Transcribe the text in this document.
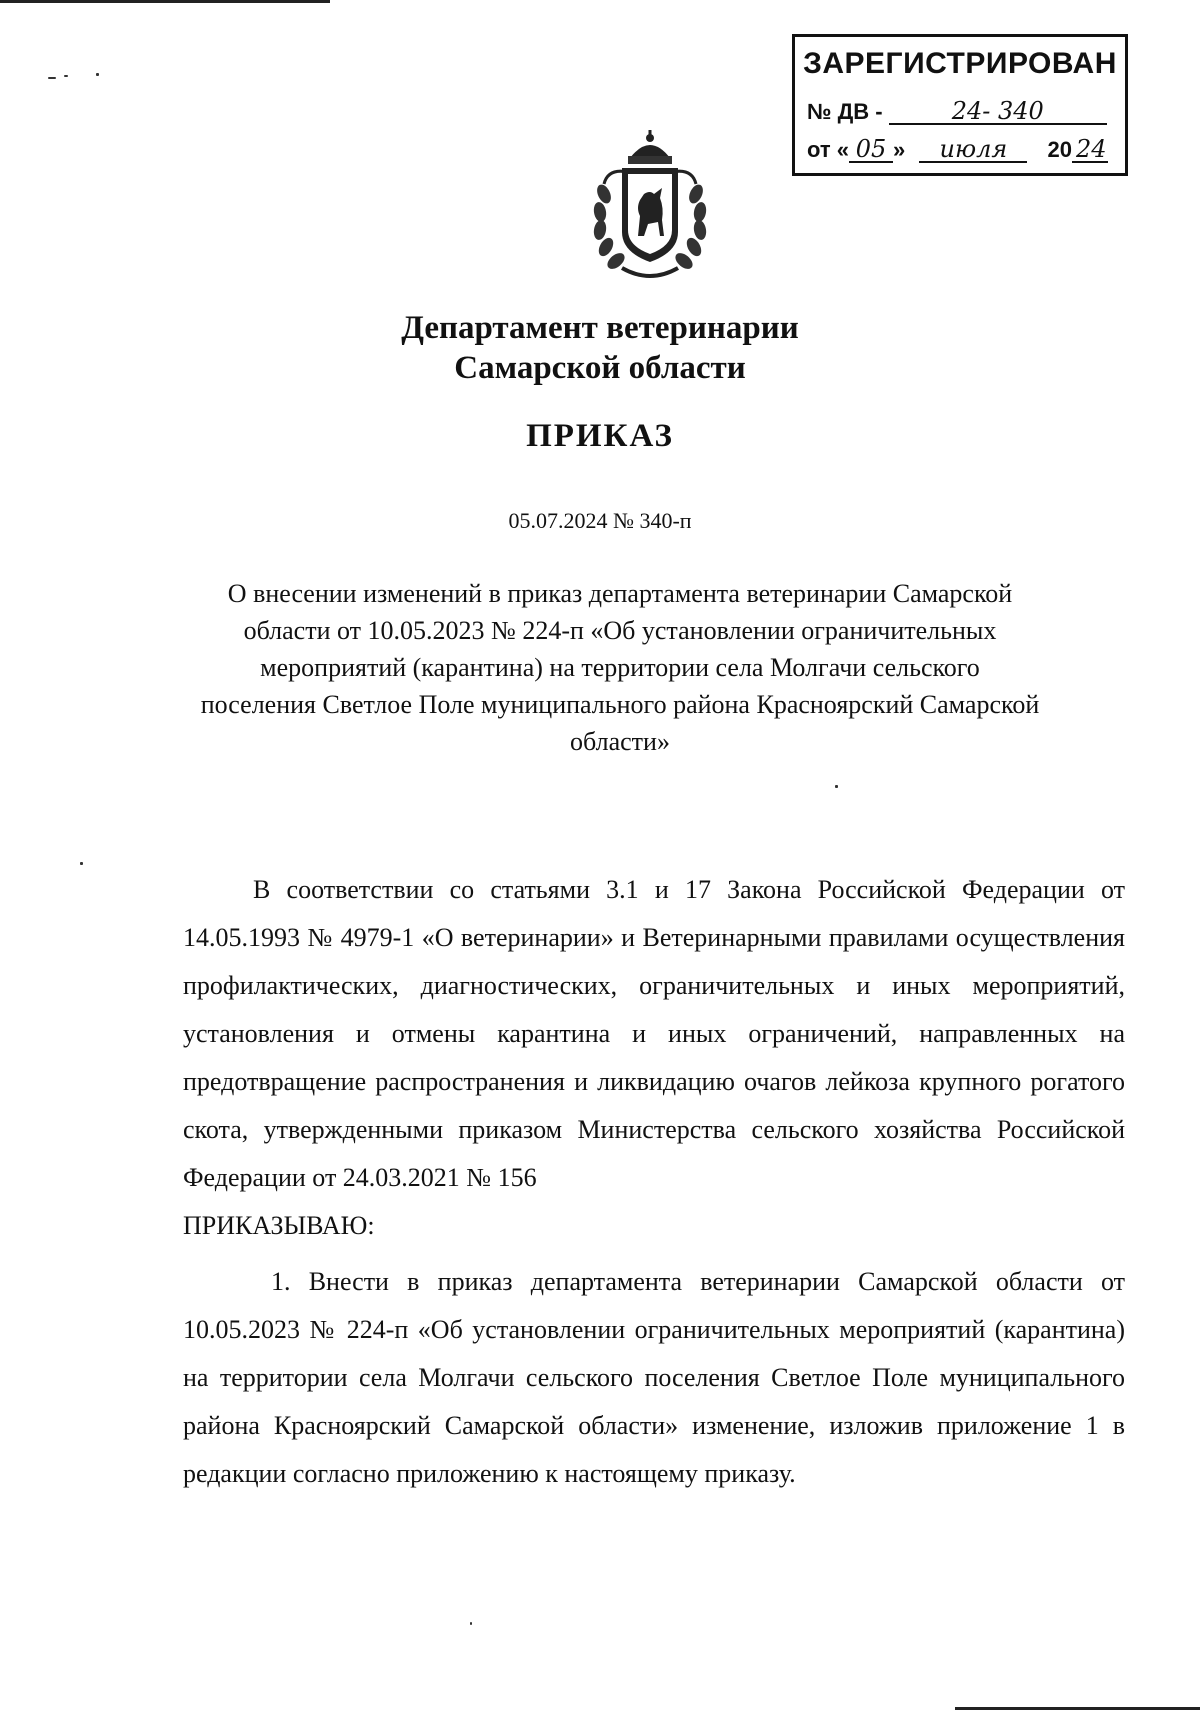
ЗАРЕГИСТРИРОВАН
№ ДВ -	24- 340
от « 05 » июля 20 24
Департамент ветеринарии
Самарской области
ПРИКАЗ
05.07.2024 № 340-п
О внесении изменений в приказ департамента ветеринарии Самарской области от 10.05.2023 № 224-п «Об установлении ограничительных мероприятий (карантина) на территории села Молгачи сельского поселения Светлое Поле муниципального района Красноярский Самарской области»
В соответствии со статьями 3.1 и 17 Закона Российской Федерации от 14.05.1993 № 4979-1 «О ветеринарии» и Ветеринарными правилами осуществления профилактических, диагностических, ограничительных и иных мероприятий, установления и отмены карантина и иных ограничений, направленных на предотвращение распространения и ликвидацию очагов лейкоза крупного рогатого скота, утвержденными приказом Министерства сельского хозяйства Российской Федерации от 24.03.2021 № 156
ПРИКАЗЫВАЮ:
1. Внести в приказ департамента ветеринарии Самарской области от 10.05.2023 № 224-п «Об установлении ограничительных мероприятий (карантина) на территории села Молгачи сельского поселения Светлое Поле муниципального района Красноярский Самарской области» изменение, изложив приложение 1 в редакции согласно приложению к настоящему приказу.
